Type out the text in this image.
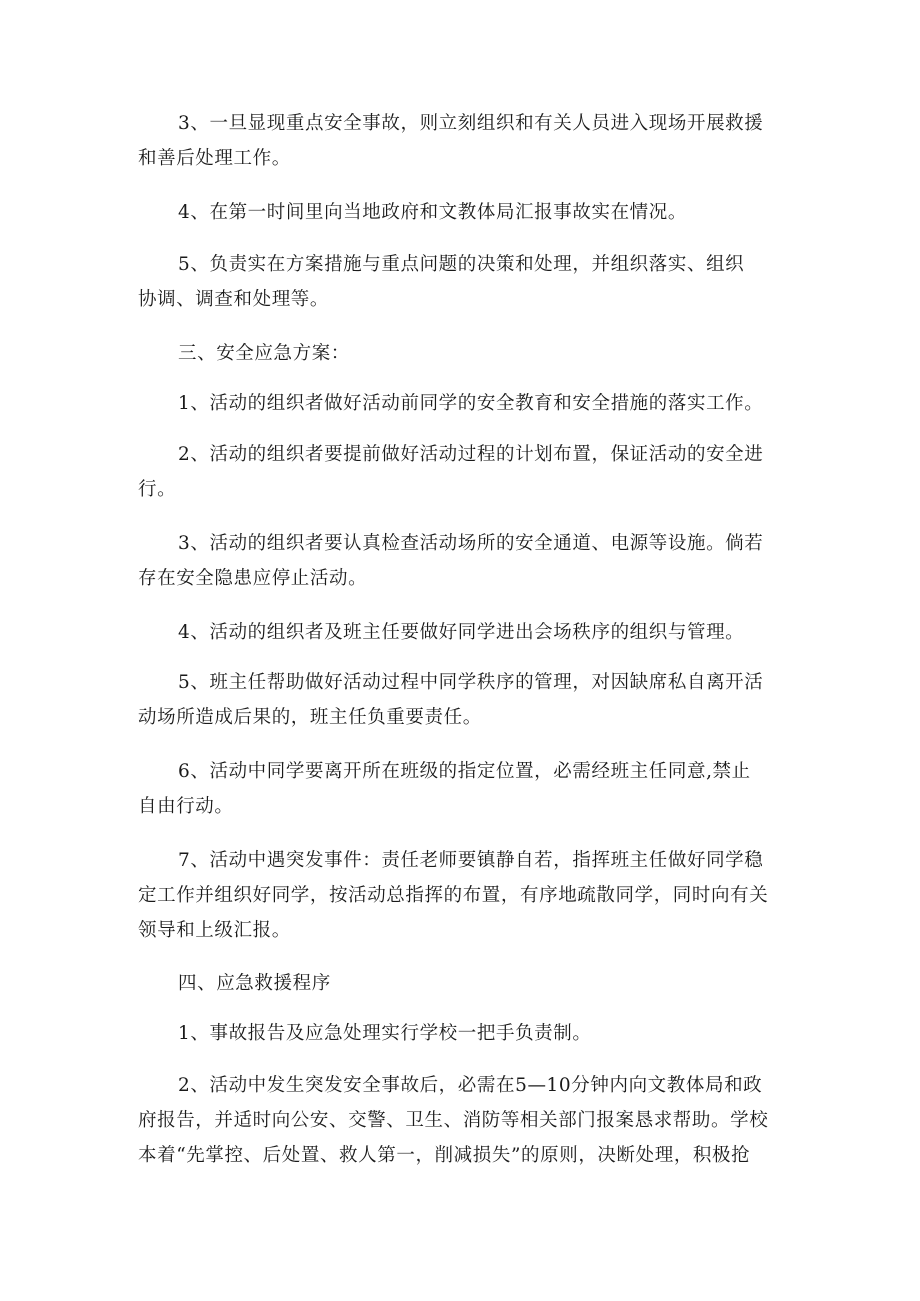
3、一旦显现重点安全事故，则立刻组织和有关人员进入现场开展救援
和善后处理工作。
4、在第一时间里向当地政府和文教体局汇报事故实在情况。
5、负责实在方案措施与重点问题的决策和处理，并组织落实、组织
协调、调查和处理等。
三、安全应急方案：
1、活动的组织者做好活动前同学的安全教育和安全措施的落实工作。
2、活动的组织者要提前做好活动过程的计划布置，保证活动的安全进
行。
3、活动的组织者要认真检查活动场所的安全通道、电源等设施。倘若
存在安全隐患应停止活动。
4、活动的组织者及班主任要做好同学进出会场秩序的组织与管理。
5、班主任帮助做好活动过程中同学秩序的管理，对因缺席私自离开活
动场所造成后果的，班主任负重要责任。
6、活动中同学要离开所在班级的指定位置，必需经班主任同意,禁止
自由行动。
7、活动中遇突发事件：责任老师要镇静自若，指挥班主任做好同学稳
定工作并组织好同学，按活动总指挥的布置，有序地疏散同学，同时向有关
领导和上级汇报。
四、应急救援程序
1、事故报告及应急处理实行学校一把手负责制。
2、活动中发生突发安全事故后，必需在5—10分钟内向文教体局和政
府报告，并适时向公安、交警、卫生、消防等相关部门报案恳求帮助。学校
本着“先掌控、后处置、救人第一，削减损失”的原则，决断处理，积极抢
